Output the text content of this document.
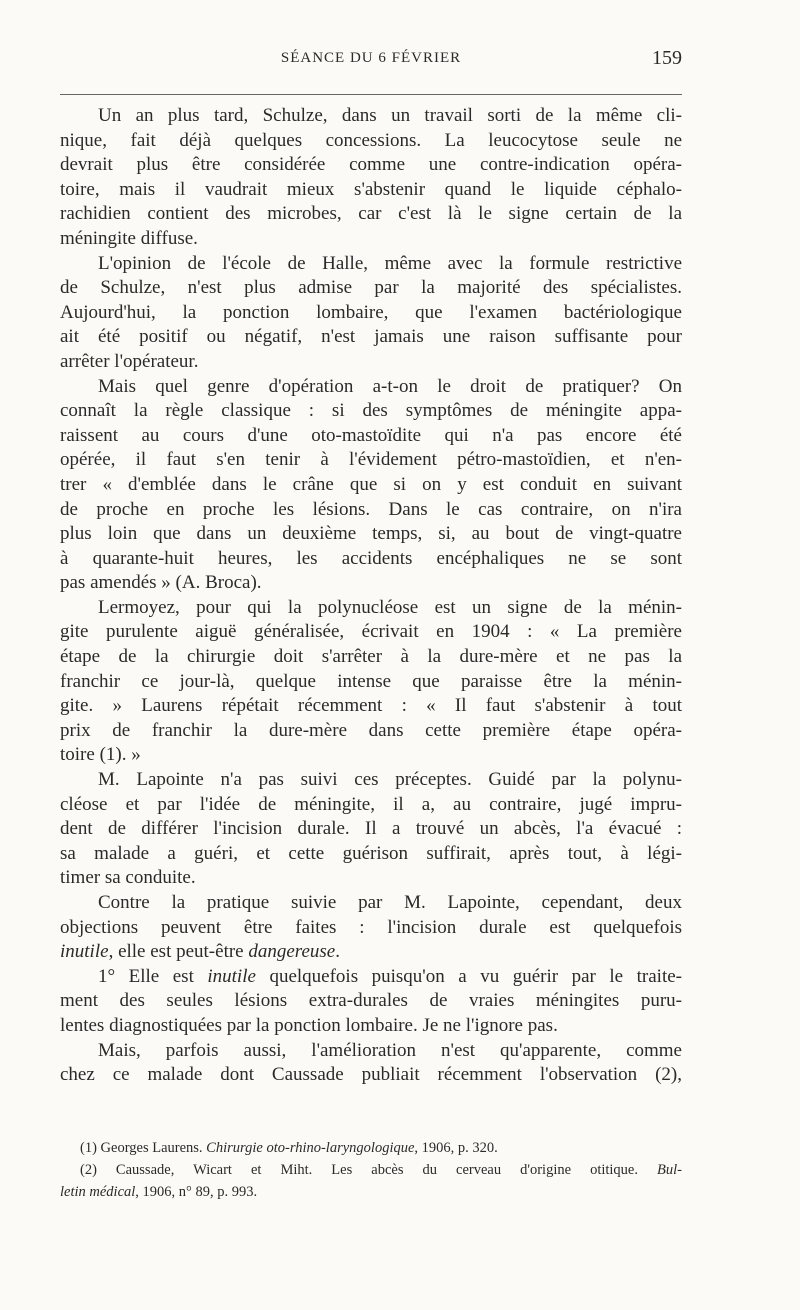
SÉANCE DU 6 FÉVRIER	159
Un an plus tard, Schulze, dans un travail sorti de la même cli-
nique, fait déjà quelques concessions. La leucocytose seule ne
devrait plus être considérée comme une contre-indication opéra-
toire, mais il vaudrait mieux s'abstenir quand le liquide céphalo-
rachidien contient des microbes, car c'est là le signe certain de la
méningite diffuse.
L'opinion de l'école de Halle, même avec la formule restrictive
de Schulze, n'est plus admise par la majorité des spécialistes.
Aujourd'hui, la ponction lombaire, que l'examen bactériologique
ait été positif ou négatif, n'est jamais une raison suffisante pour
arrêter l'opérateur.
Mais quel genre d'opération a-t-on le droit de pratiquer? On
connaît la règle classique : si des symptômes de méningite appa-
raissent au cours d'une oto-mastoïdite qui n'a pas encore été
opérée, il faut s'en tenir à l'évidement pétro-mastoïdien, et n'en-
trer « d'emblée dans le crâne que si on y est conduit en suivant
de proche en proche les lésions. Dans le cas contraire, on n'ira
plus loin que dans un deuxième temps, si, au bout de vingt-quatre
à quarante-huit heures, les accidents encéphaliques ne se sont
pas amendés » (A. Broca).
Lermoyez, pour qui la polynucléose est un signe de la ménin-
gite purulente aiguë généralisée, écrivait en 1904 : « La première
étape de la chirurgie doit s'arrêter à la dure-mère et ne pas la
franchir ce jour-là, quelque intense que paraisse être la ménin-
gite. » Laurens répétait récemment : « Il faut s'abstenir à tout
prix de franchir la dure-mère dans cette première étape opéra-
toire (1). »
M. Lapointe n'a pas suivi ces préceptes. Guidé par la polynu-
cléose et par l'idée de méningite, il a, au contraire, jugé impru-
dent de différer l'incision durale. Il a trouvé un abcès, l'a évacué :
sa malade a guéri, et cette guérison suffirait, après tout, à légi-
timer sa conduite.
Contre la pratique suivie par M. Lapointe, cependant, deux
objections peuvent être faites : l'incision durale est quelquefois
inutile, elle est peut-être dangereuse.
1° Elle est inutile quelquefois puisqu'on a vu guérir par le traite-
ment des seules lésions extra-durales de vraies méningites puru-
lentes diagnostiquées par la ponction lombaire. Je ne l'ignore pas.
Mais, parfois aussi, l'amélioration n'est qu'apparente, comme
chez ce malade dont Caussade publiait récemment l'observation (2),
(1) Georges Laurens. Chirurgie oto-rhino-laryngologique, 1906, p. 320.
(2) Caussade, Wicart et Miht. Les abcès du cerveau d'origine otitique. Bul-
letin médical, 1906, n° 89, p. 993.
